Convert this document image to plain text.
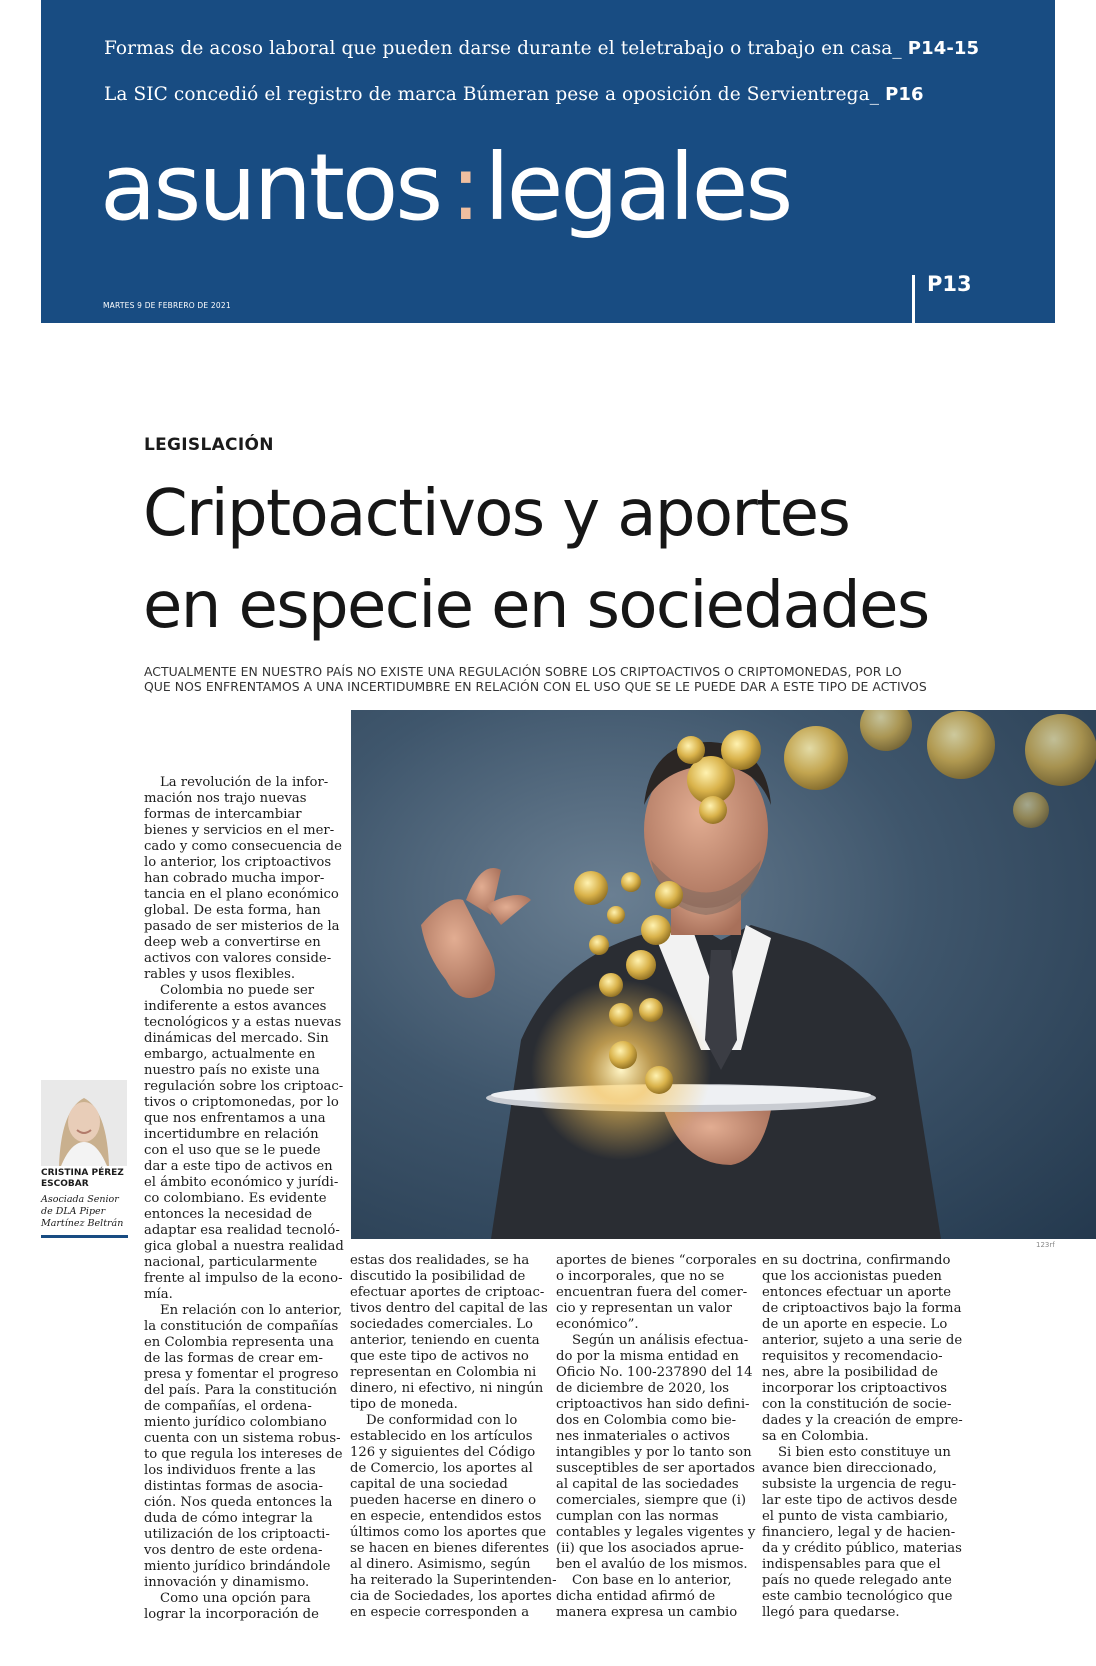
Formas de acoso laboral que pueden darse durante el teletrabajo o trabajo en casa_ P14-15
La SIC concedió el registro de marca Búmeran pese a oposición de Servientrega_ P16
asuntos :legales
MARTES 9 DE FEBRERO DE 2021
P13
LEGISLACIÓN
Criptoactivos y aportes
en especie en sociedades
ACTUALMENTE EN NUESTRO PAÍS NO EXISTE UNA REGULACIÓN SOBRE LOS CRIPTOACTIVOS O CRIPTOMONEDAS, POR LO
QUE NOS ENFRENTAMOS A UNA INCERTIDUMBRE EN RELACIÓN CON EL USO QUE SE LE PUEDE DAR A ESTE TIPO DE ACTIVOS
123rf
CRISTINA PÉREZ
ESCOBAR
Asociada Senior
de DLA Piper
Martínez Beltrán

La revolución de la infor-
mación nos trajo nuevas
formas de intercambiar
bienes y servicios en el mer-
cado y como consecuencia de
lo anterior, los criptoactivos
han cobrado mucha impor-
tancia en el plano económico
global. De esta forma, han
pasado de ser misterios de la
deep web a convertirse en
activos con valores conside-
rables y usos flexibles.

Colombia no puede ser
indiferente a estos avances
tecnológicos y a estas nuevas
dinámicas del mercado. Sin
embargo, actualmente en
nuestro país no existe una
regulación sobre los criptoac-
tivos o criptomonedas, por lo
que nos enfrentamos a una
incertidumbre en relación
con el uso que se le puede
dar a este tipo de activos en
el ámbito económico y jurídi-
co colombiano. Es evidente
entonces la necesidad de
adaptar esa realidad tecnoló-
gica global a nuestra realidad
nacional, particularmente
frente al impulso de la econo-
mía.

En relación con lo anterior,
la constitución de compañías
en Colombia representa una
de las formas de crear em-
presa y fomentar el progreso
del país. Para la constitución
de compañías, el ordena-
miento jurídico colombiano
cuenta con un sistema robus-
to que regula los intereses de
los individuos frente a las
distintas formas de asocia-
ción. Nos queda entonces la
duda de cómo integrar la
utilización de los criptoacti-
vos dentro de este ordena-
miento jurídico brindándole
innovación y dinamismo.

Como una opción para
lograr la incorporación de

estas dos realidades, se ha
discutido la posibilidad de
efectuar aportes de criptoac-
tivos dentro del capital de las
sociedades comerciales. Lo
anterior, teniendo en cuenta
que este tipo de activos no
representan en Colombia ni
dinero, ni efectivo, ni ningún
tipo de moneda.

De conformidad con lo
establecido en los artículos
126 y siguientes del Código
de Comercio, los aportes al
capital de una sociedad
pueden hacerse en dinero o
en especie, entendidos estos
últimos como los aportes que
se hacen en bienes diferentes
al dinero. Asimismo, según
ha reiterado la Superintenden-
cia de Sociedades, los aportes
en especie corresponden a

aportes de bienes “corporales
o incorporales, que no se
encuentran fuera del comer-
cio y representan un valor
económico”.

Según un análisis efectua-
do por la misma entidad en
Oficio No. 100-237890 del 14
de diciembre de 2020, los
criptoactivos han sido defini-
dos en Colombia como bie-
nes inmateriales o activos
intangibles y por lo tanto son
susceptibles de ser aportados
al capital de las sociedades
comerciales, siempre que (i)
cumplan con las normas
contables y legales vigentes y
(ii) que los asociados aprue-
ben el avalúo de los mismos.

Con base en lo anterior,
dicha entidad afirmó de
manera expresa un cambio

en su doctrina, confirmando
que los accionistas pueden
entonces efectuar un aporte
de criptoactivos bajo la forma
de un aporte en especie. Lo
anterior, sujeto a una serie de
requisitos y recomendacio-
nes, abre la posibilidad de
incorporar los criptoactivos
con la constitución de socie-
dades y la creación de empre-
sa en Colombia.

Si bien esto constituye un
avance bien direccionado,
subsiste la urgencia de regu-
lar este tipo de activos desde
el punto de vista cambiario,
financiero, legal y de hacien-
da y crédito público, materias
indispensables para que el
país no quede relegado ante
este cambio tecnológico que
llegó para quedarse.
